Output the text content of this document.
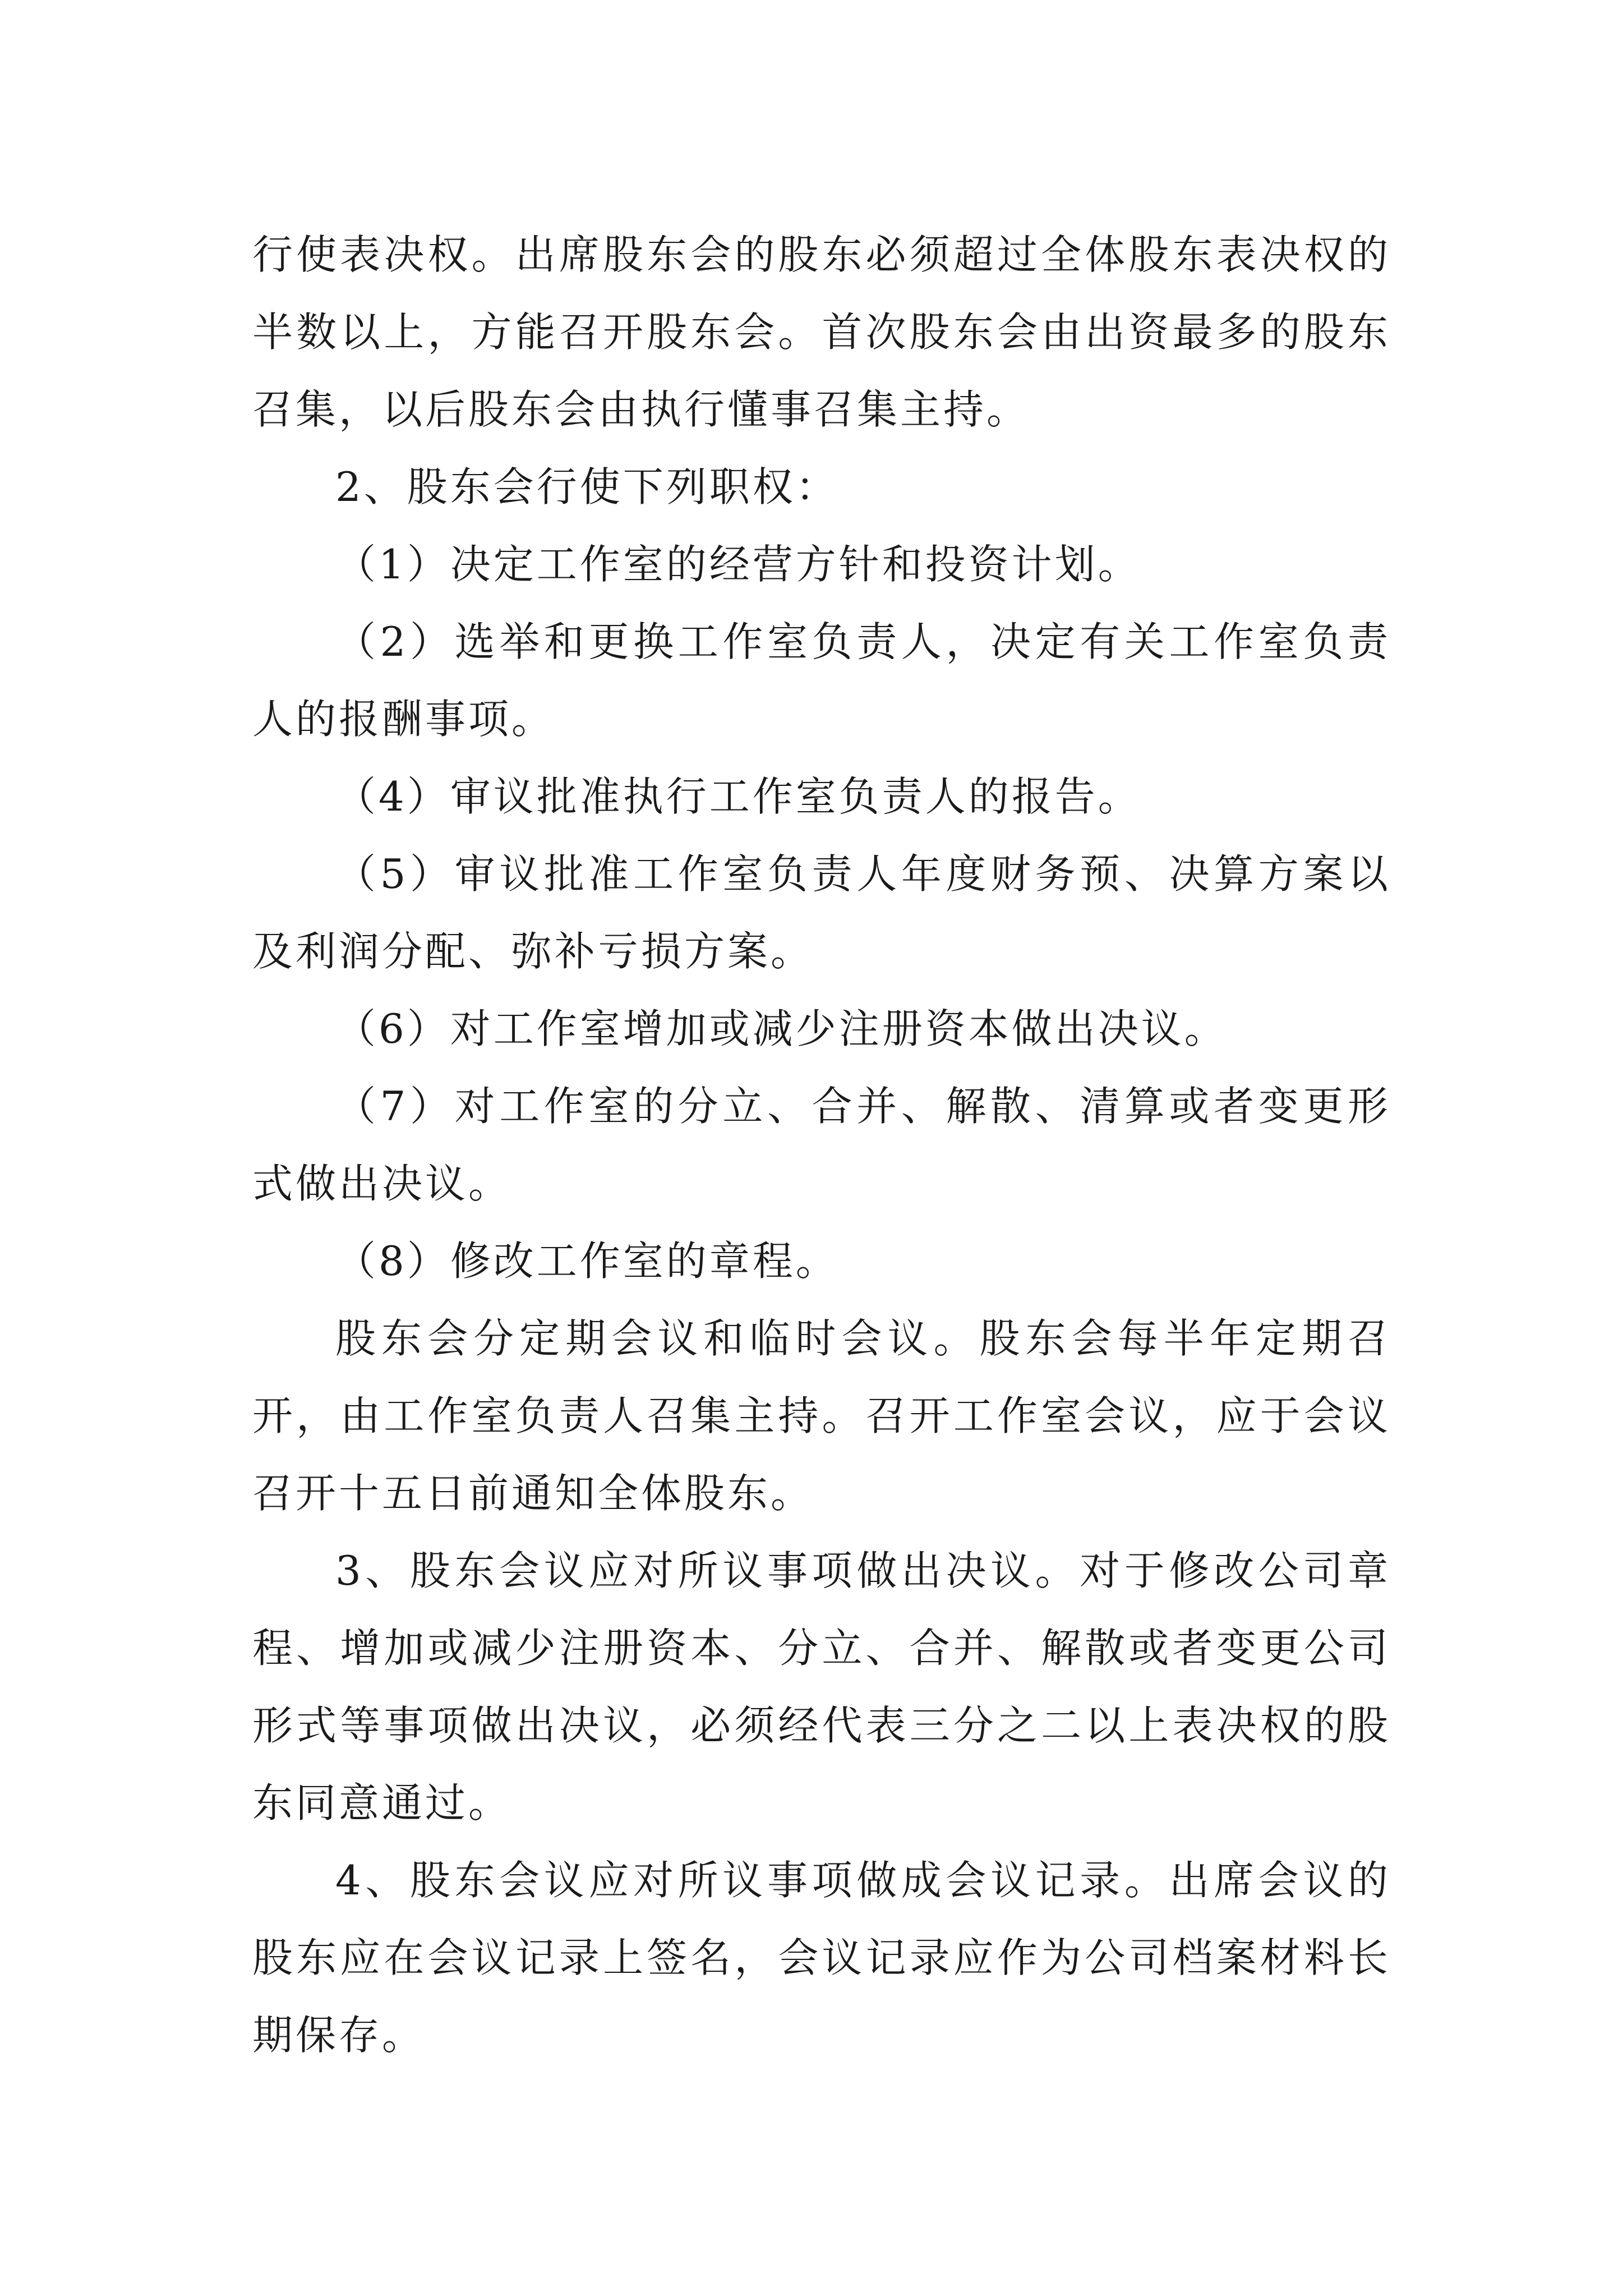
行使表决权。出席股东会的股东必须超过全体股东表决权的半数以上，方能召开股东会。首次股东会由出资最多的股东召集，以后股东会由执行懂事召集主持。

2、股东会行使下列职权：

（1）决定工作室的经营方针和投资计划。

（2）选举和更换工作室负责人，决定有关工作室负责人的报酬事项。

（4）审议批准执行工作室负责人的报告。

（5）审议批准工作室负责人年度财务预、决算方案以及利润分配、弥补亏损方案。

（6）对工作室增加或减少注册资本做出决议。

（7）对工作室的分立、合并、解散、清算或者变更形式做出决议。

（8）修改工作室的章程。

股东会分定期会议和临时会议。股东会每半年定期召开，由工作室负责人召集主持。召开工作室会议，应于会议召开十五日前通知全体股东。

3、股东会议应对所议事项做出决议。对于修改公司章程、增加或减少注册资本、分立、合并、解散或者变更公司形式等事项做出决议，必须经代表三分之二以上表决权的股东同意通过。

4、股东会议应对所议事项做成会议记录。出席会议的股东应在会议记录上签名，会议记录应作为公司档案材料长期保存。
